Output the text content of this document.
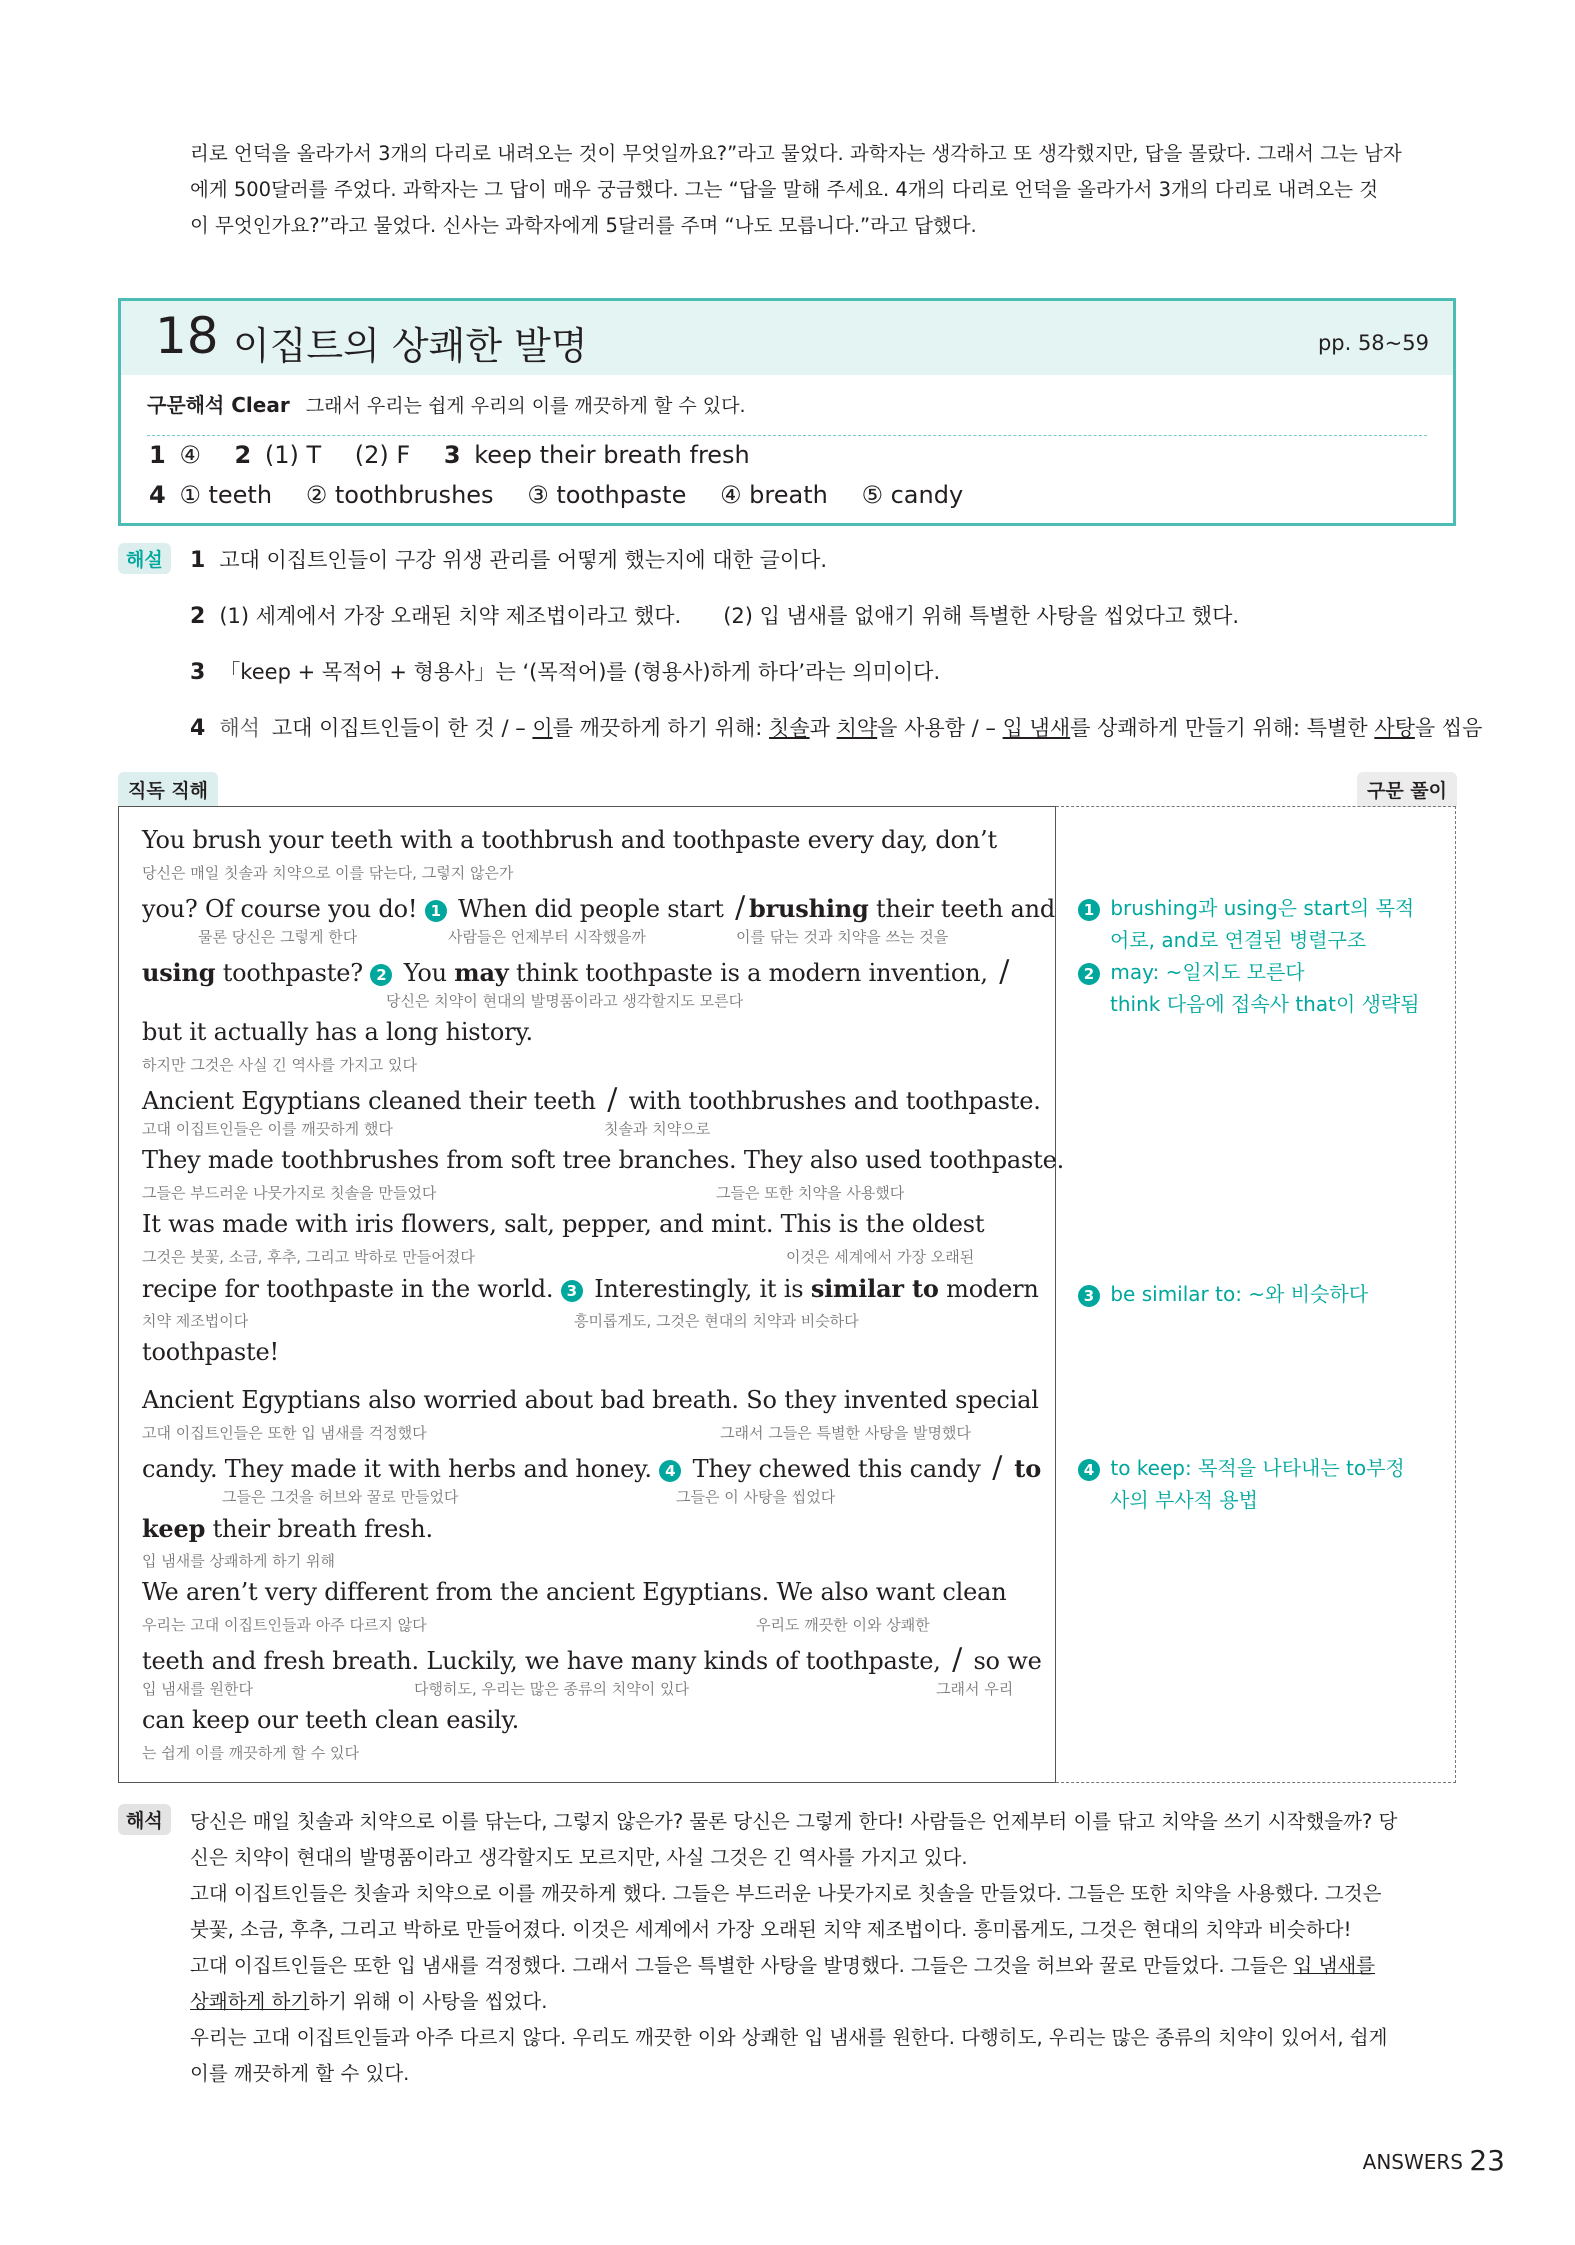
리로 언덕을 올라가서 3개의 다리로 내려오는 것이 무엇일까요?”라고 물었다. 과학자는 생각하고 또 생각했지만, 답을 몰랐다. 그래서 그는 남자

에게 500달러를 주었다. 과학자는 그 답이 매우 궁금했다. 그는 “답을 말해 주세요. 4개의 다리로 언덕을 올라가서 3개의 다리로 내려오는 것

이 무엇인가요?”라고 물었다. 신사는 과학자에게 5달러를 주며 “나도 모릅니다.”라고 답했다.

18 이집트의 상쾌한 발명	pp. 58~59
구문해석 Clear 그래서 우리는 쉽게 우리의 이를 깨끗하게 할 수 있다.
1 ④ 2 (1) T (2) F 3 keep their breath fresh
4 ① teeth ② toothbrushes ③ toothpaste ④ breath ⑤ candy
해설	1 고대 이집트인들이 구강 위생 관리를 어떻게 했는지에 대한 글이다.
2 (1) 세계에서 가장 오래된 치약 제조법이라고 했다. (2) 입 냄새를 없애기 위해 특별한 사탕을 씹었다고 했다.
3 「keep + 목적어 + 형용사」는 ‘(목적어)를 (형용사)하게 하다’라는 의미이다.
4 해석 고대 이집트인들이 한 것 / – 이를 깨끗하게 하기 위해: 칫솔과 치약을 사용함 / – 입 냄새를 상쾌하게 만들기 위해: 특별한 사탕을 씹음
직독 직해	구문 풀이
You brush your teeth with a toothbrush and toothpaste every day, don’t
당신은 매일 칫솔과 치약으로 이를 닦는다, 그렇지 않은가
you? Of course you do! 1 When did people start / brushing their teeth and
물론 당신은 그렇게 한다	사람들은 언제부터 시작했을까	이를 닦는 것과 치약을 쓰는 것을
using toothpaste? 2 You may think toothpaste is a modern invention, /
당신은 치약이 현대의 발명품이라고 생각할지도 모른다
but it actually has a long history.
하지만 그것은 사실 긴 역사를 가지고 있다
Ancient Egyptians cleaned their teeth / with toothbrushes and toothpaste.
고대 이집트인들은 이를 깨끗하게 했다	칫솔과 치약으로
They made toothbrushes from soft tree branches. They also used toothpaste.
그들은 부드러운 나뭇가지로 칫솔을 만들었다	그들은 또한 치약을 사용했다
It was made with iris flowers, salt, pepper, and mint. This is the oldest
그것은 붓꽃, 소금, 후추, 그리고 박하로 만들어졌다	이것은 세계에서 가장 오래된
recipe for toothpaste in the world. 3 Interestingly, it is similar to modern
치약 제조법이다	흥미롭게도, 그것은 현대의 치약과 비슷하다
toothpaste!
Ancient Egyptians also worried about bad breath. So they invented special
고대 이집트인들은 또한 입 냄새를 걱정했다	그래서 그들은 특별한 사탕을 발명했다
candy. They made it with herbs and honey. 4 They chewed this candy / to
그들은 그것을 허브와 꿀로 만들었다	그들은 이 사탕을 씹었다
keep their breath fresh.
입 냄새를 상쾌하게 하기 위해
We aren’t very different from the ancient Egyptians. We also want clean
우리는 고대 이집트인들과 아주 다르지 않다	우리도 깨끗한 이와 상쾌한
teeth and fresh breath. Luckily, we have many kinds of toothpaste, / so we
입 냄새를 원한다	다행히도, 우리는 많은 종류의 치약이 있다	그래서 우리
can keep our teeth clean easily.
는 쉽게 이를 깨끗하게 할 수 있다
1 brushing과 using은 start의 목적
어로, and로 연결된 병렬구조
2 may: ~일지도 모른다
think 다음에 접속사 that이 생략됨
3 be similar to: ~와 비슷하다
4 to keep: 목적을 나타내는 to부정
사의 부사적 용법
해석	당신은 매일 칫솔과 치약으로 이를 닦는다, 그렇지 않은가? 물론 당신은 그렇게 한다! 사람들은 언제부터 이를 닦고 치약을 쓰기 시작했을까? 당
신은 치약이 현대의 발명품이라고 생각할지도 모르지만, 사실 그것은 긴 역사를 가지고 있다.
고대 이집트인들은 칫솔과 치약으로 이를 깨끗하게 했다. 그들은 부드러운 나뭇가지로 칫솔을 만들었다. 그들은 또한 치약을 사용했다. 그것은
붓꽃, 소금, 후추, 그리고 박하로 만들어졌다. 이것은 세계에서 가장 오래된 치약 제조법이다. 흥미롭게도, 그것은 현대의 치약과 비슷하다!
고대 이집트인들은 또한 입 냄새를 걱정했다. 그래서 그들은 특별한 사탕을 발명했다. 그들은 그것을 허브와 꿀로 만들었다. 그들은 입 냄새를
상쾌하게 하기하기 위해 이 사탕을 씹었다.
우리는 고대 이집트인들과 아주 다르지 않다. 우리도 깨끗한 이와 상쾌한 입 냄새를 원한다. 다행히도, 우리는 많은 종류의 치약이 있어서, 쉽게
이를 깨끗하게 할 수 있다.
ANSWERS 23
